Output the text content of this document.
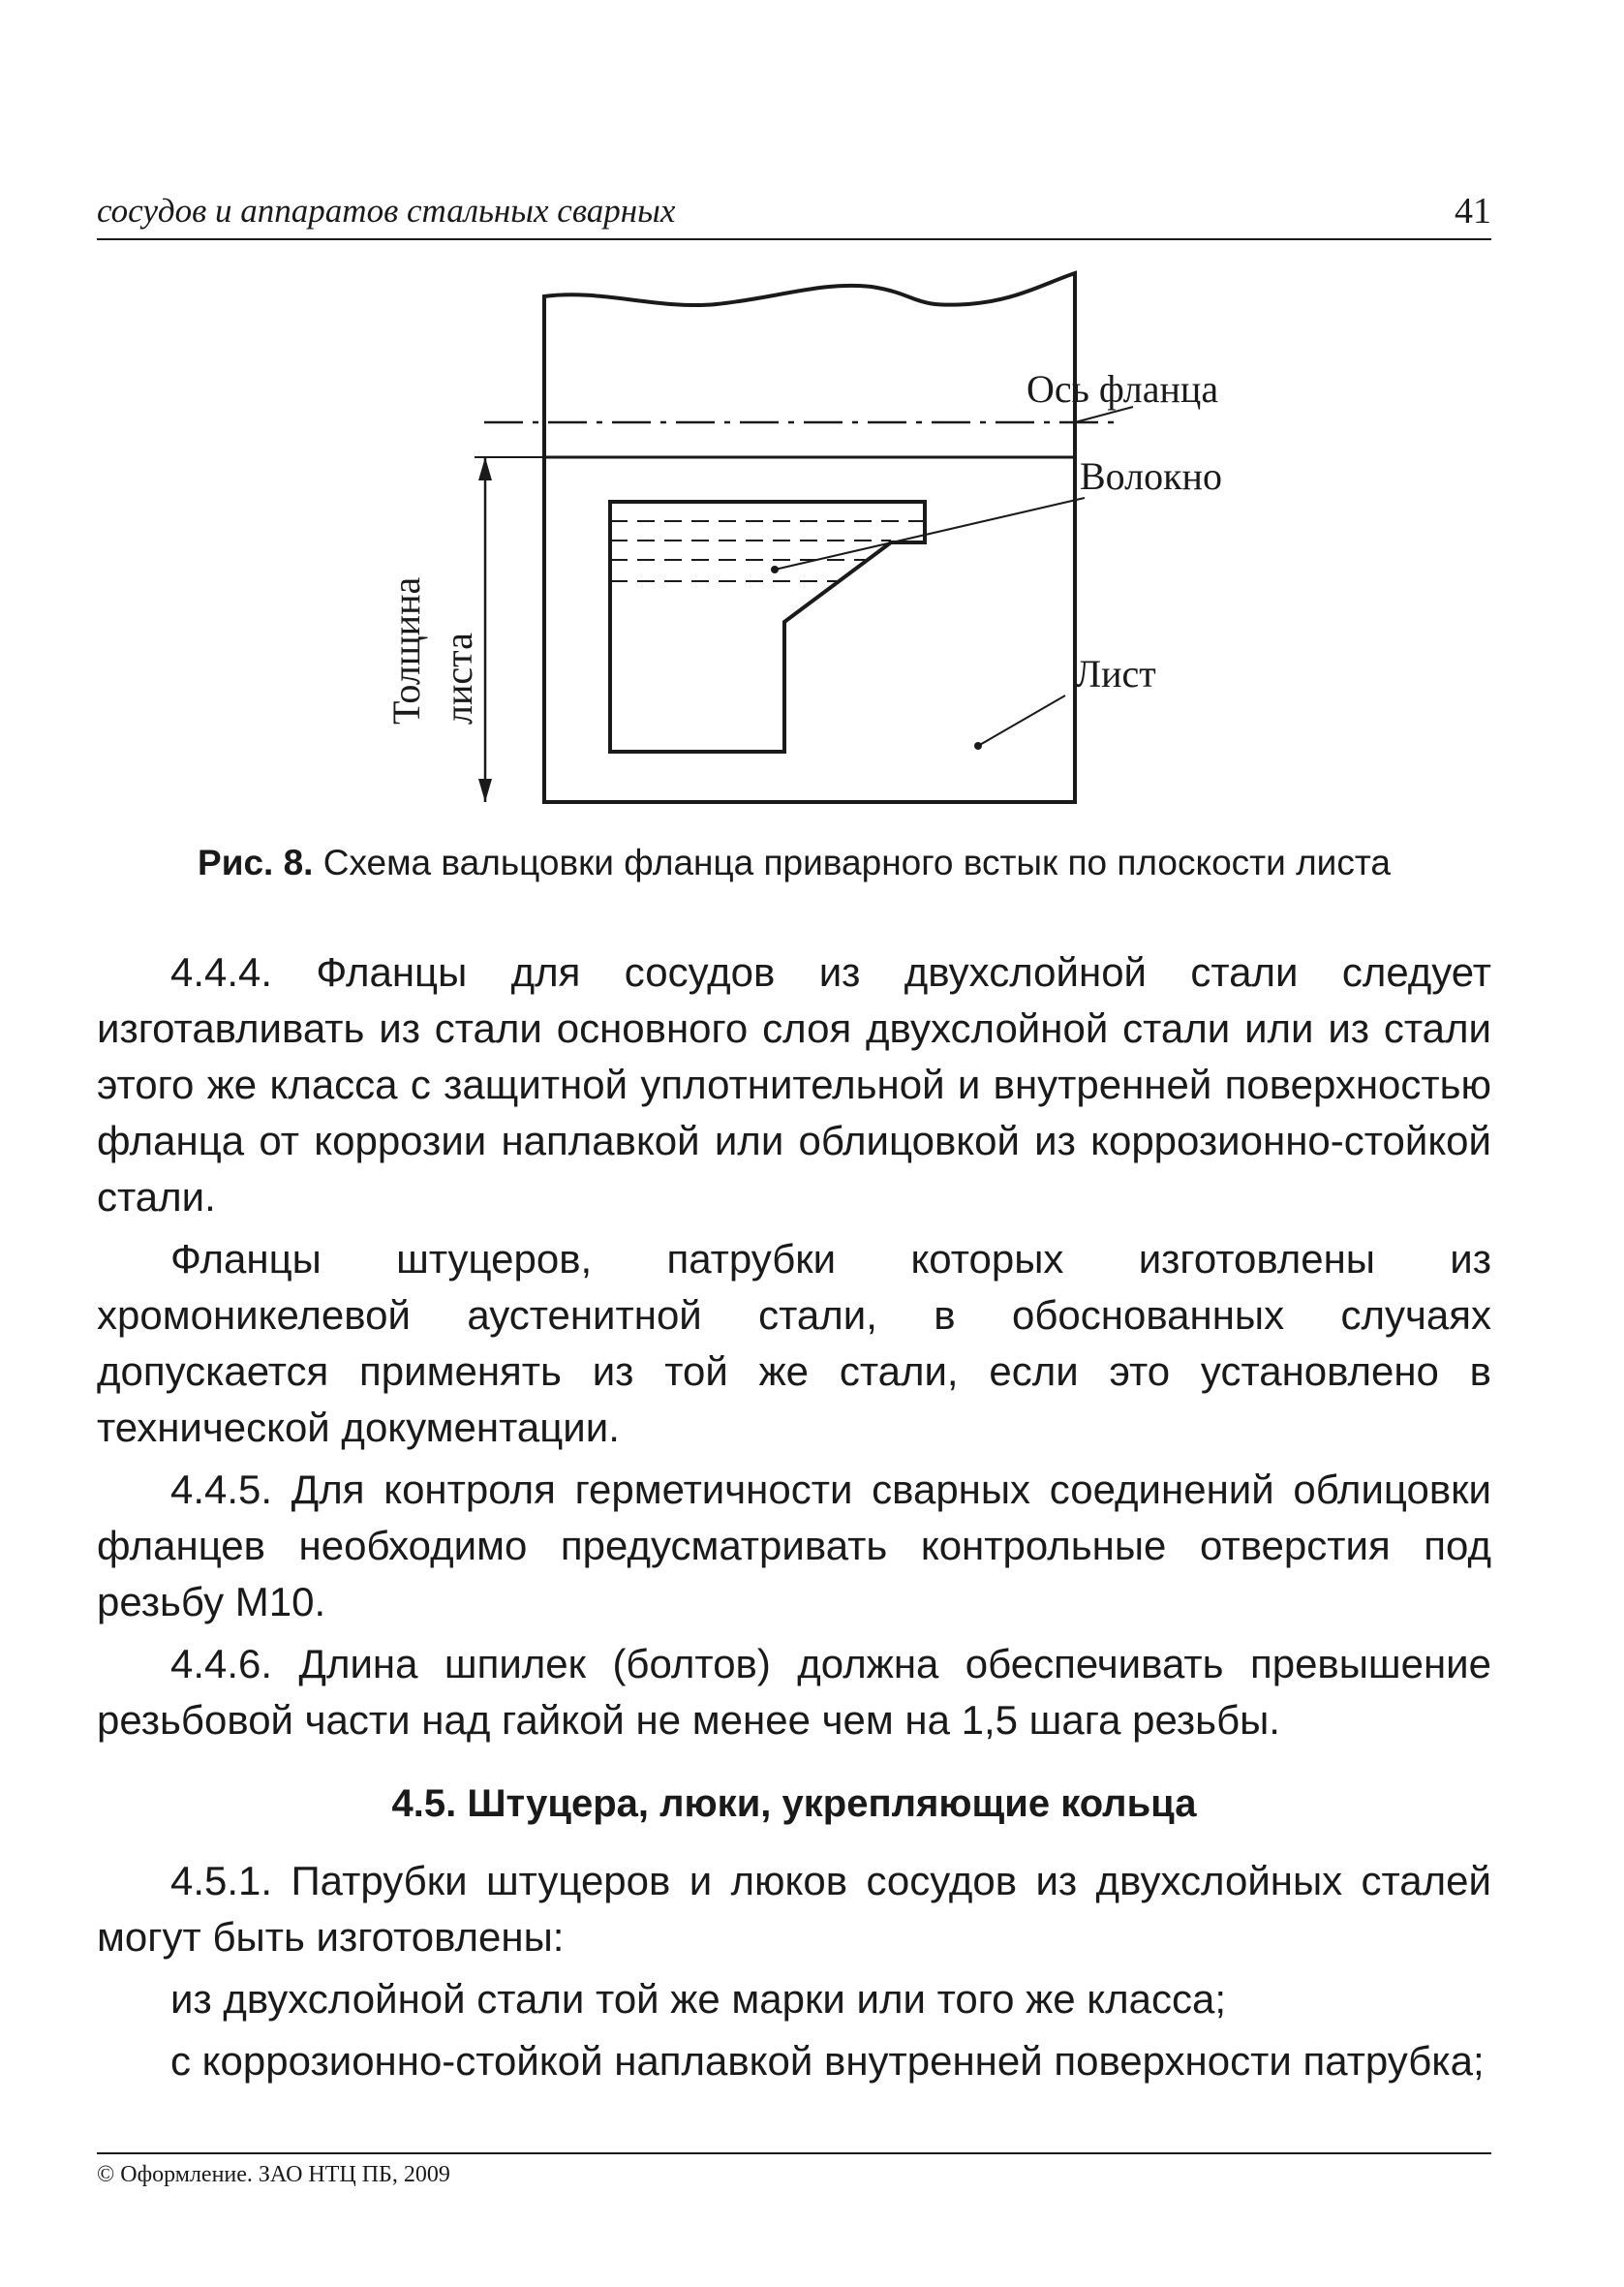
сосудов и аппаратов стальных сварных	41
Ось фланца
Волокно
Лист
Толщина листа
Рис. 8. Схема вальцовки фланца приварного встык по плоскости листа

4.4.4. Фланцы для сосудов из двухслойной стали следует изготавливать из стали основного слоя двухслойной стали или из стали этого же класса с защитной уплотнительной и внутренней поверхностью фланца от коррозии наплавкой или облицовкой из коррозионно-стойкой стали.

Фланцы штуцеров, патрубки которых изготовлены из хромоникелевой аустенитной стали, в обоснованных случаях допускается применять из той же стали, если это установлено в технической документации.

4.4.5. Для контроля герметичности сварных соединений облицовки фланцев необходимо предусматривать контрольные отверстия под резьбу М10.

4.4.6. Длина шпилек (болтов) должна обеспечивать превышение резьбовой части над гайкой не менее чем на 1,5 шага резьбы.

4.5. Штуцера, люки, укрепляющие кольца

4.5.1. Патрубки штуцеров и люков сосудов из двухслойных сталей могут быть изготовлены:

из двухслойной стали той же марки или того же класса;

с коррозионно-стойкой наплавкой внутренней поверхности патрубка;

© Оформление. ЗАО НТЦ ПБ, 2009
